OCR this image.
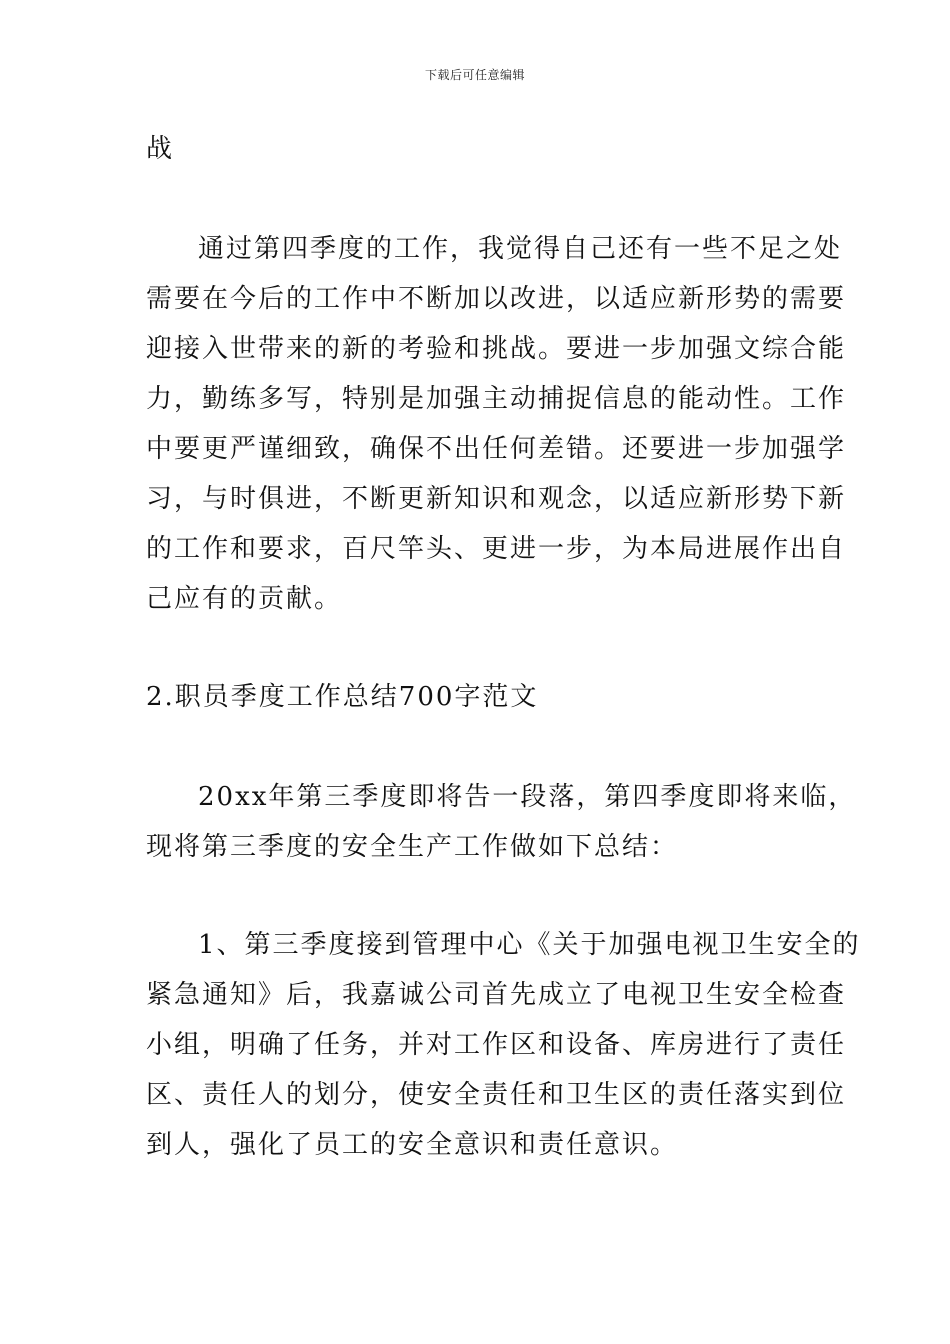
下载后可任意编辑
战
通过第四季度的工作，我觉得自己还有一些不足之处
需要在今后的工作中不断加以改进，以适应新形势的需要
迎接入世带来的新的考验和挑战。要进一步加强文综合能
力，勤练多写，特别是加强主动捕捉信息的能动性。工作
中要更严谨细致，确保不出任何差错。还要进一步加强学
习，与时俱进，不断更新知识和观念，以适应新形势下新
的工作和要求，百尺竿头、更进一步，为本局进展作出自
己应有的贡献。
2.职员季度工作总结700字范文
20xx年第三季度即将告一段落，第四季度即将来临，
现将第三季度的安全生产工作做如下总结：
1、第三季度接到管理中心《关于加强电视卫生安全的
紧急通知》后，我嘉诚公司首先成立了电视卫生安全检查
小组，明确了任务，并对工作区和设备、库房进行了责任
区、责任人的划分，使安全责任和卫生区的责任落实到位
到人，强化了员工的安全意识和责任意识。
